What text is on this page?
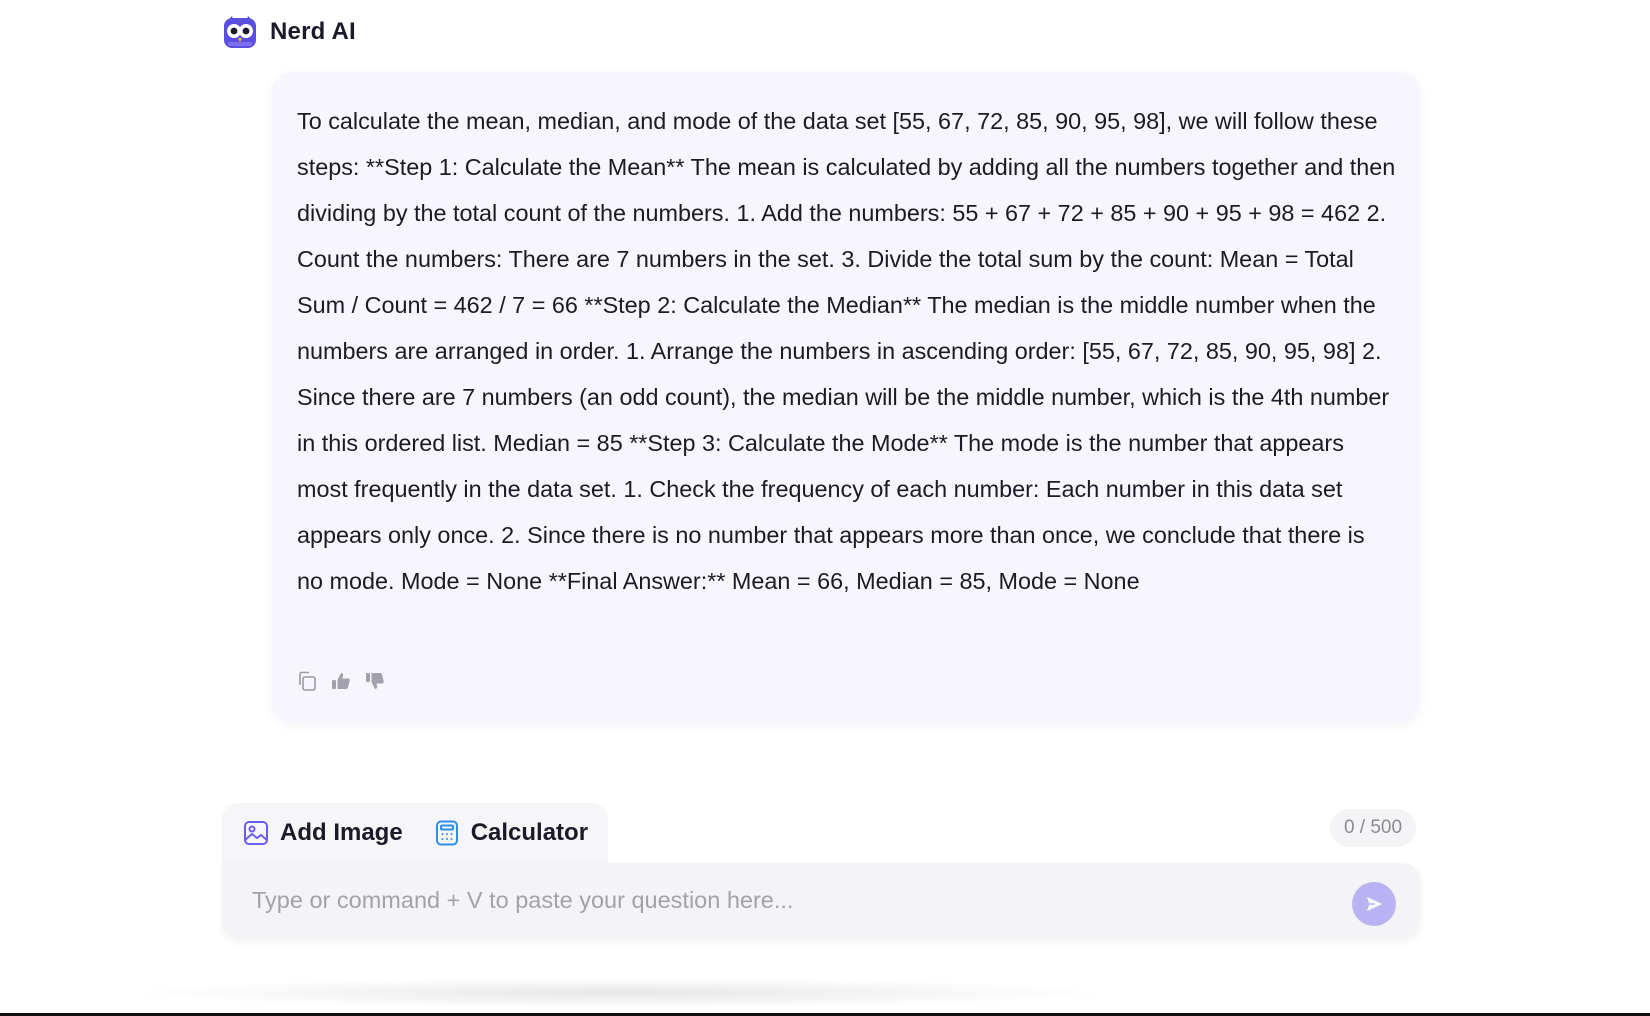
Nerd AI

To calculate the mean, median, and mode of the data set [55, 67, 72, 85, 90, 95, 98], we will follow these steps: **Step 1: Calculate the Mean** The mean is calculated by adding all the numbers together and then dividing by the total count of the numbers. 1. Add the numbers: 55 + 67 + 72 + 85 + 90 + 95 + 98 = 462 2. Count the numbers: There are 7 numbers in the set. 3. Divide the total sum by the count: Mean = Total Sum / Count = 462 / 7 = 66 **Step 2: Calculate the Median** The median is the middle number when the numbers are arranged in order. 1. Arrange the numbers in ascending order: [55, 67, 72, 85, 90, 95, 98] 2. Since there are 7 numbers (an odd count), the median will be the middle number, which is the 4th number in this ordered list. Median = 85 **Step 3: Calculate the Mode** The mode is the number that appears most frequently in the data set. 1. Check the frequency of each number: Each number in this data set appears only once. 2. Since there is no number that appears more than once, we conclude that there is no mode. Mode = None **Final Answer:** Mean = 66, Median = 85, Mode = None

Add Image	Calculator	0 / 500
Type or command + V to paste your question here...
